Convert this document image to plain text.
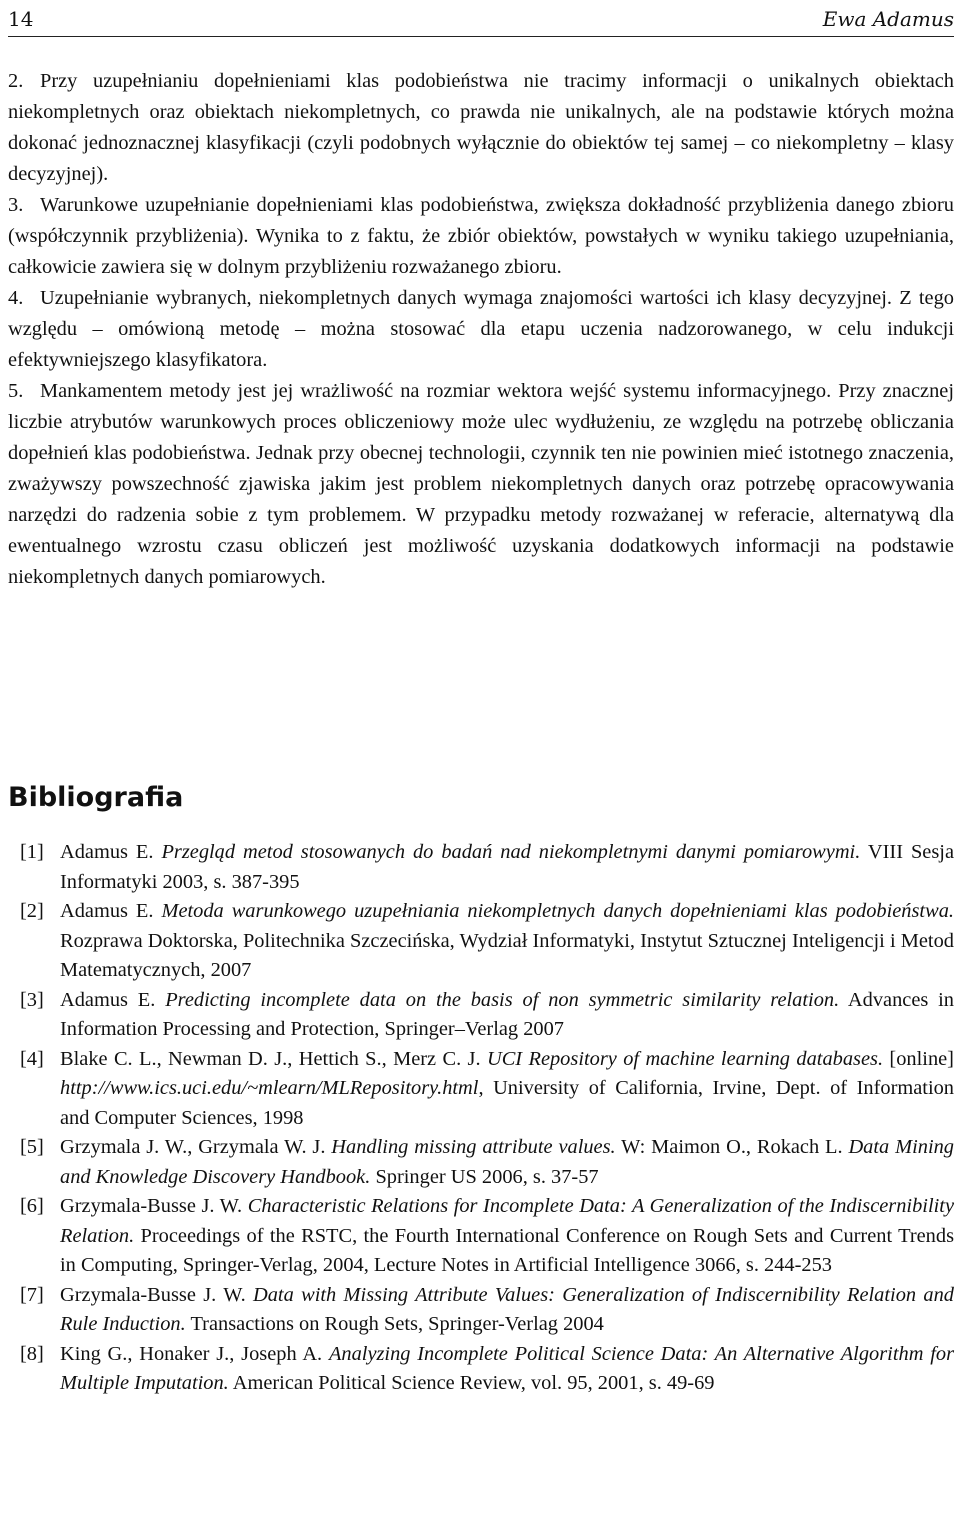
14	Ewa Adamus

2. Przy uzupełnianiu dopełnieniami klas podobieństwa nie tracimy informacji o unikalnych obiektach niekompletnych oraz obiektach niekompletnych, co prawda nie unikalnych, ale na podstawie których można dokonać jednoznacznej klasyfikacji (czyli podobnych wyłącznie do obiektów tej samej – co niekompletny – klasy decyzyjnej).

3. Warunkowe uzupełnianie dopełnieniami klas podobieństwa, zwiększa dokładność przybliżenia danego zbioru (współczynnik przybliżenia). Wynika to z faktu, że zbiór obiektów, powstałych w wyniku takiego uzupełniania, całkowicie zawiera się w dolnym przybliżeniu rozważanego zbioru.

4. Uzupełnianie wybranych, niekompletnych danych wymaga znajomości wartości ich klasy decyzyjnej. Z tego względu – omówioną metodę – można stosować dla etapu uczenia nadzorowanego, w celu indukcji efektywniejszego klasyfikatora.

5. Mankamentem metody jest jej wrażliwość na rozmiar wektora wejść systemu informacyjnego. Przy znacznej liczbie atrybutów warunkowych proces obliczeniowy może ulec wydłużeniu, ze względu na potrzebę obliczania dopełnień klas podobieństwa. Jednak przy obecnej technologii, czynnik ten nie powinien mieć istotnego znaczenia, zważywszy powszechność zjawiska jakim jest problem niekompletnych danych oraz potrzebę opracowywania narzędzi do radzenia sobie z tym problemem. W przypadku metody rozważanej w referacie, alternatywą dla ewentualnego wzrostu czasu obliczeń jest możliwość uzyskania dodatkowych informacji na podstawie niekompletnych danych pomiarowych.

Bibliografia

[1] Adamus E. Przegląd metod stosowanych do badań nad niekompletnymi danymi pomiarowymi. VIII Sesja Informatyki 2003, s. 387-395

[2] Adamus E. Metoda warunkowego uzupełniania niekompletnych danych dopełnieniami klas podobieństwa. Rozprawa Doktorska, Politechnika Szczecińska, Wydział Informatyki, Instytut Sztucznej Inteligencji i Metod Matematycznych, 2007

[3] Adamus E. Predicting incomplete data on the basis of non symmetric similarity relation. Advances in Information Processing and Protection, Springer–Verlag 2007

[4] Blake C. L., Newman D. J., Hettich S., Merz C. J. UCI Repository of machine learning databases. [online] http://www.ics.uci.edu/~mlearn/MLRepository.html, University of California, Irvine, Dept. of Information and Computer Sciences, 1998

[5] Grzymala J. W., Grzymala W. J. Handling missing attribute values. W: Maimon O., Rokach L. Data Mining and Knowledge Discovery Handbook. Springer US 2006, s. 37-57

[6] Grzymala-Busse J. W. Characteristic Relations for Incomplete Data: A Generalization of the Indiscernibility Relation. Proceedings of the RSTC, the Fourth International Conference on Rough Sets and Current Trends in Computing, Springer-Verlag, 2004, Lecture Notes in Artificial Intelligence 3066, s. 244-253

[7] Grzymala-Busse J. W. Data with Missing Attribute Values: Generalization of Indiscernibility Relation and Rule Induction. Transactions on Rough Sets, Springer-Verlag 2004

[8] King G., Honaker J., Joseph A. Analyzing Incomplete Political Science Data: An Alternative Algorithm for Multiple Imputation. American Political Science Review, vol. 95, 2001, s. 49-69
